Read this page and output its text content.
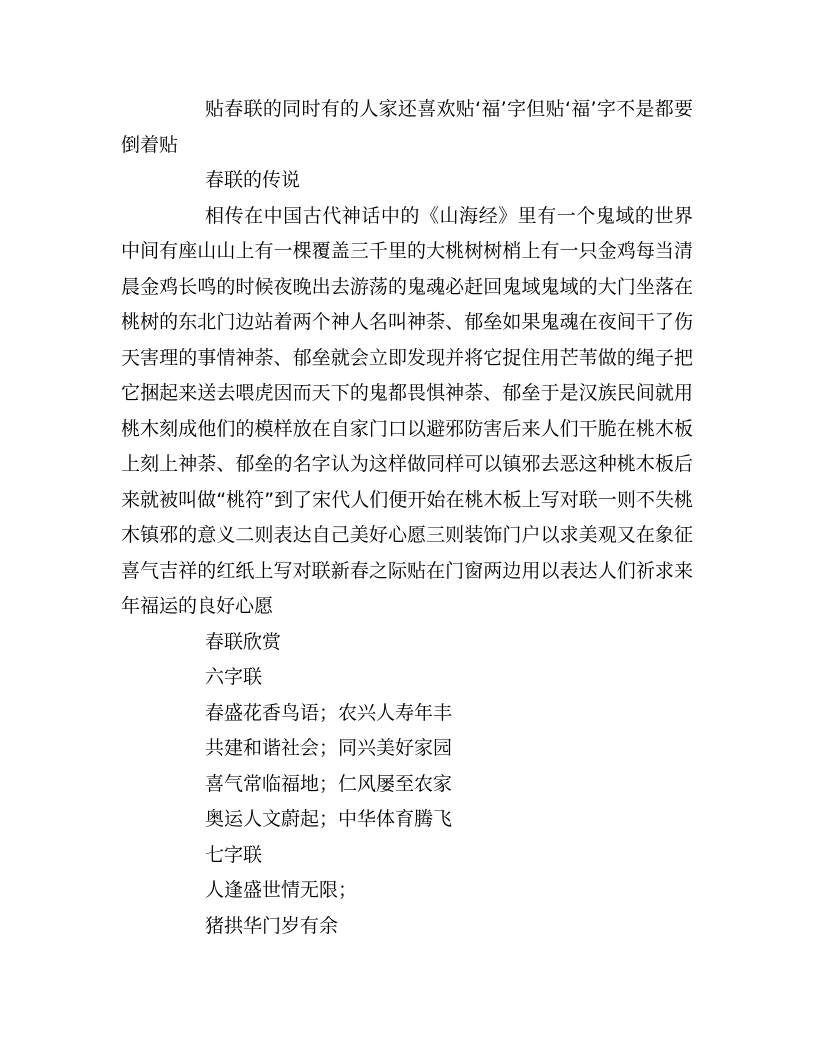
贴春联的同时有的人家还喜欢贴‘福’字但贴‘福’字不是都要倒着贴

春联的传说

相传在中国古代神话中的《山海经》里有一个鬼域的世界中间有座山山上有一棵覆盖三千里的大桃树树梢上有一只金鸡每当清晨金鸡长鸣的时候夜晚出去游荡的鬼魂必赶回鬼域鬼域的大门坐落在桃树的东北门边站着两个神人名叫神荼、郁垒如果鬼魂在夜间干了伤天害理的事情神荼、郁垒就会立即发现并将它捉住用芒苇做的绳子把它捆起来送去喂虎因而天下的鬼都畏惧神荼、郁垒于是汉族民间就用桃木刻成他们的模样放在自家门口以避邪防害后来人们干脆在桃木板上刻上神荼、郁垒的名字认为这样做同样可以镇邪去恶这种桃木板后来就被叫做“桃符”到了宋代人们便开始在桃木板上写对联一则不失桃木镇邪的意义二则表达自己美好心愿三则装饰门户以求美观又在象征喜气吉祥的红纸上写对联新春之际贴在门窗两边用以表达人们祈求来年福运的良好心愿

春联欣赏

六字联

春盛花香鸟语；农兴人寿年丰

共建和谐社会；同兴美好家园

喜气常临福地；仁风屡至农家

奥运人文蔚起；中华体育腾飞

七字联

人逢盛世情无限；

猪拱华门岁有余
